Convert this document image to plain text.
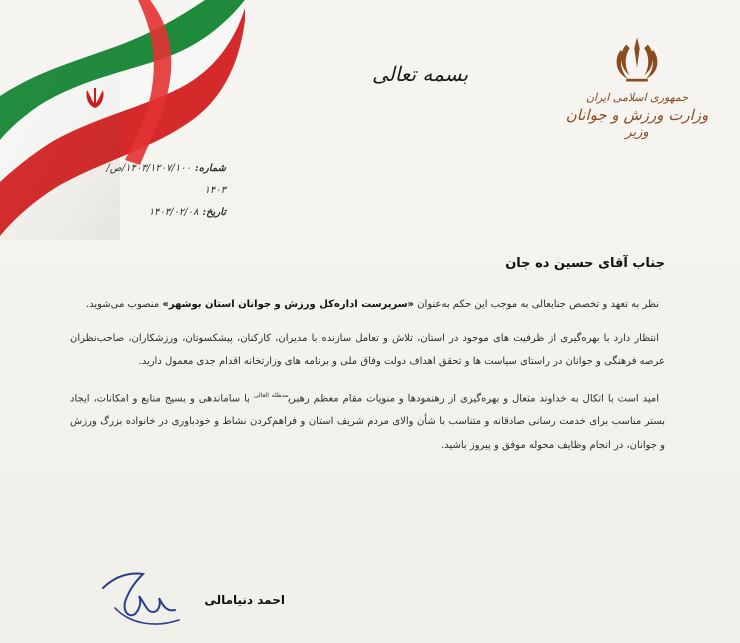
بسمه تعالی
جمهوری اسلامی ایران
وزارت ورزش و جوانان
وزیر
شماره:۱۴۰۳/۱۲۰۷/۱۰۰/ص/۱۴۰۳
تاریخ:۱۴۰۳/۰۲/۰۸
جناب آقای حسین ده جان

نظر به تعهد و تخصص جنابعالی به موجب این حکم به‌عنوان «سرپرست اداره‌کل ورزش و جوانان استان بوشهر» منصوب می‌شوید.

انتظار دارد با بهره‌گیری از ظرفیت های موجود در استان، تلاش و تعامل سازنده با مدیران، کارکنان، پیشکسوتان، ورزشکاران، صاحب‌نظران عرصه فرهنگی و جوانان در راستای سیاست ها و تحقق اهداف دولت وفاق ملی و برنامه های وزارتخانه اقدام جدی معمول دارید.

امید است با اتکال به خداوند متعال و بهره‌گیری از رهنمودها و منویات مقام معظم رهبری$^{مدظله العالی}$ با ساماندهی و بسیج منابع و امکانات، ایجاد بستر مناسب برای خدمت رسانی صادقانه و متناسب با شأن والای مردم شریف استان و فراهم‌کردن نشاط و خودباوری در خانواده بزرگ ورزش و جوانان، در انجام وظایف محوله موفق و پیروز باشید.

احمد دنیامالی
